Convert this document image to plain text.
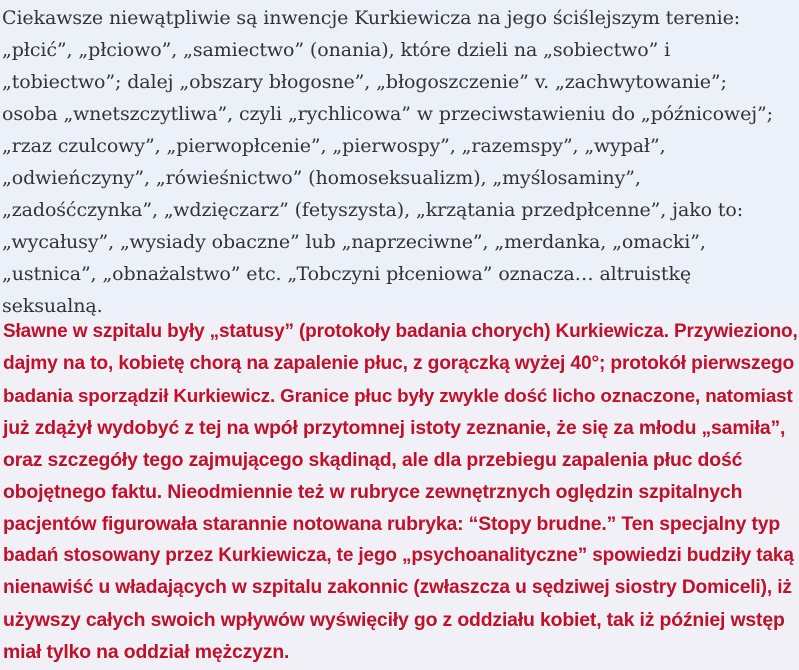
Ciekawsze niewątpliwie są inwencje Kurkiewicza na jego ściślejszym terenie:
„płcić”, „płciowo”, „samiectwo” (onania), które dzieli na „sobiectwo” i
„tobiectwo”; dalej „obszary błogosne”, „błogoszczenie” v. „zachwytowanie”;
osoba „wnetszczytliwa”, czyli „rychlicowa” w przeciwstawieniu do „późnicowej”;
„rzaz czulcowy”, „pierwopłcenie”, „pierwospy”, „razemspy”, „wypał”,
„odwieńczyny”, „rówieśnictwo” (homoseksualizm), „myślosaminy”,
„zadośćczynka”, „wdzięczarz” (fetyszysta), „krzątania przedpłcenne”, jako to:
„wycałusy”, „wysiady obaczne” lub „naprzeciwne”, „merdanka, „omacki”,
„ustnica”, „obnażalstwo” etc. „Tobczyni płceniowa” oznacza… altruistkę
seksualną.

Sławne w szpitalu były „statusy” (protokoły badania chorych) Kurkiewicza. Przywieziono,
dajmy na to, kobietę chorą na zapalenie płuc, z gorączką wyżej 40°; protokół pierwszego
badania sporządził Kurkiewicz. Granice płuc były zwykle dość licho oznaczone, natomiast
już zdążył wydobyć z tej na wpół przytomnej istoty zeznanie, że się za młodu „samiła”,
oraz szczegóły tego zajmującego skądinąd, ale dla przebiegu zapalenia płuc dość
obojętnego faktu. Nieodmiennie też w rubryce zewnętrznych oględzin szpitalnych
pacjentów figurowała starannie notowana rubryka: “Stopy brudne.” Ten specjalny typ
badań stosowany przez Kurkiewicza, te jego „psychoanalityczne” spowiedzi budziły taką
nienawiść u władających w szpitalu zakonnic (zwłaszcza u sędziwej siostry Domiceli), iż
używszy całych swoich wpływów wyświęciły go z oddziału kobiet, tak iż później wstęp
miał tylko na oddział mężczyzn.
